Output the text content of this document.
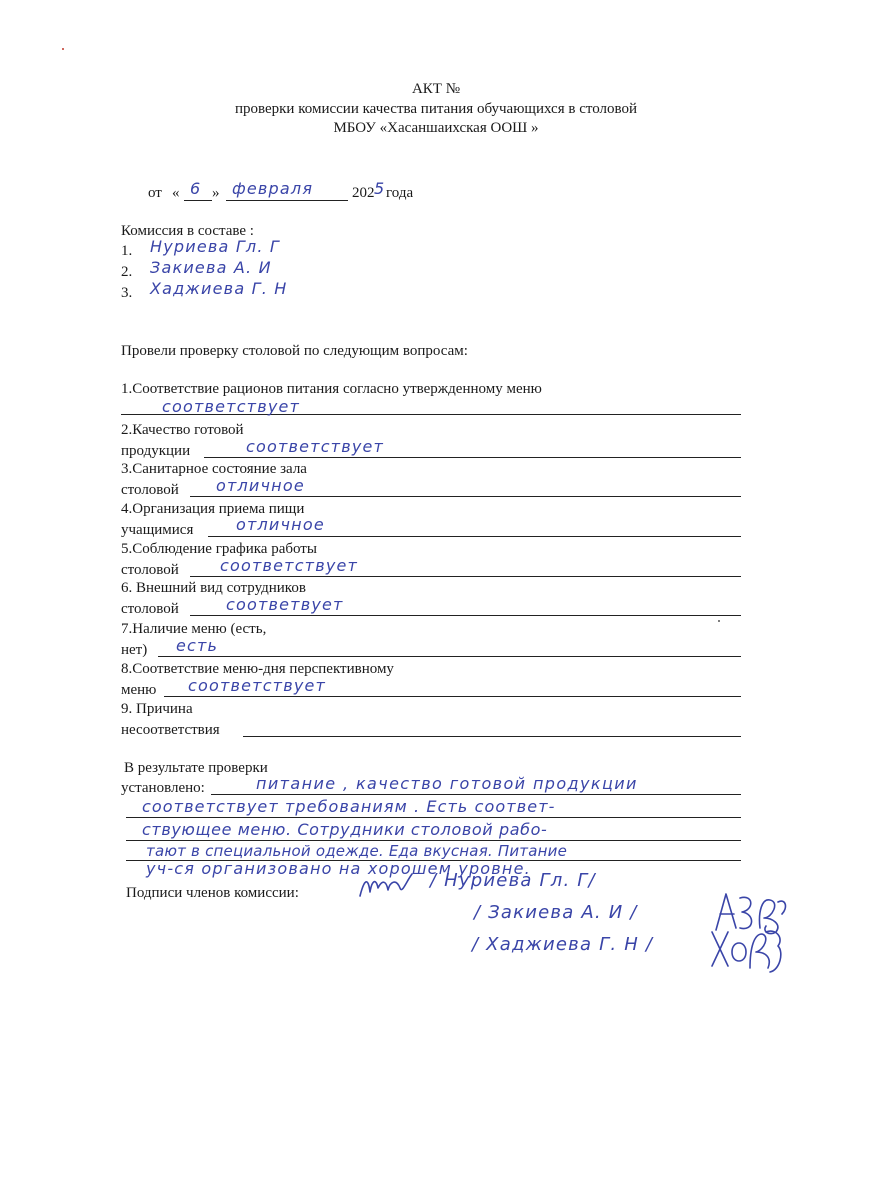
АКТ №
проверки комиссии качества питания обучающихся в столовой
МБОУ «Хасаншаихская ООШ »
от « 6 » февраля	202 5 года
Комиссия в составе :
1. Нуриева Гл. Г
2. Закиева А. И
3. Хаджиева Г. Н
Провели проверку столовой по следующим вопросам:
1.Соответствие рационов питания согласно утвержденному меню
соответствует
2.Качество готовой
продукции	соответствует
3.Санитарное состояние зала
столовой отличное
4.Организация приема пищи
учащимися	отличное
5.Соблюдение графика работы
столовой	соответствует
6. Внешний вид сотрудников
столовой	соответвует
7.Наличие меню (есть,
нет) есть
8.Соответствие меню-дня перспективному
меню соответствует
9. Причина
несоответствия
В результате проверки
установлено:	питание , качество готовой продукции
соответствует требованиям . Есть соответ-
ствующее меню. Сотрудники столовой рабо-
тают в специальной одежде. Еда вкусная. Питание
уч-ся организовано на хорошем уровне.
Подписи членов комиссии:
/ Нуриева Гл. Г/
/ Закиева А. И /
/ Хаджиева Г. Н /
